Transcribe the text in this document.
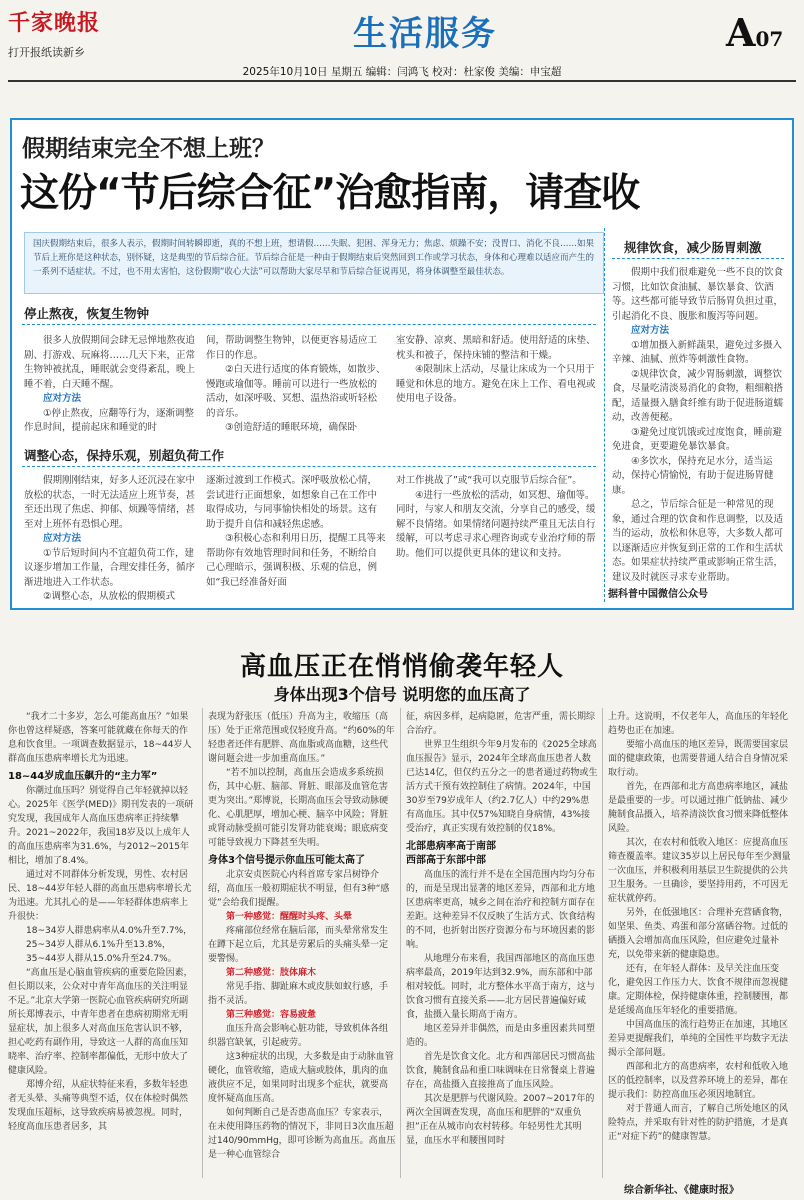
千家晚报
打开报纸读新乡	生活服务	A07
2025年10月10日 星期五 编辑：闫鸿飞 校对：杜家俊 美编：申宝超
假期结束完全不想上班？
这份“节后综合征”治愈指南，请查收
国庆假期结束后，很多人表示，假期时间转瞬即逝，真的不想上班，想请假……失眠、犯困、浑身无力；焦虑、烦躁不安；没胃口、消化不良……如果节后上班你是这种状态，别怀疑，这是典型的节后综合征。节后综合征是一种由于假期结束后突然回到工作或学习状态，身体和心理难以适应而产生的一系列不适症状。不过，也不用太害怕，这份假期“收心大法”可以帮助大家尽早和节后综合征说再见，将身体调整至最佳状态。
停止熬夜，恢复生物钟

很多人放假期间会肆无忌惮地熬夜追剧、打游戏、玩麻将……几天下来，正常生物钟被扰乱，睡眠就会变得紊乱，晚上睡不着，白天睡不醒。

应对方法

①停止熬夜，应翻等行为，逐渐调整作息时间，提前起床和睡觉的时

间，帮助调整生物钟，以便更容易适应工作日的作息。

②白天进行适度的体育锻炼，如散步、慢跑或瑜伽等。睡前可以进行一些放松的活动，如深呼吸、冥想、温热浴或听轻松的音乐。

③创造舒适的睡眠环境，确保卧

室安静、凉爽、黑暗和舒适。使用舒适的床垫、枕头和被子，保持床铺的整洁和干燥。

④限制床上活动，尽量让床成为一个只用于睡觉和休息的地方。避免在床上工作、看电视或使用电子设备。

调整心态，保持乐观，别超负荷工作

假期刚刚结束，好多人还沉浸在家中放松的状态，一时无法适应上班节奏，甚至还出现了焦虑、抑郁、烦躁等情绪，甚至对上班怀有恐惧心理。

应对方法

①节后短时间内不宜超负荷工作，建议逐步增加工作量，合理安排任务，循序渐进地进入工作状态。

②调整心态，从放松的假期模式

逐渐过渡到工作模式。深呼吸放松心情，尝试进行正面想象，如想象自己在工作中取得成功，与同事愉快相处的场景。这有助于提升自信和减轻焦虑感。

③积极心态和利用日历，提醒工具等来帮助你有效地管理时间和任务，不断给自己心理暗示，强调积极、乐观的信息，例如“我已经准备好面

对工作挑战了”或“我可以克服节后综合征”。

④进行一些放松的活动，如冥想、瑜伽等。同时，与家人和朋友交流，分享自己的感受，缓解不良情绪。如果情绪问题持续严重且无法自行缓解，可以考虑寻求心理咨询或专业治疗师的帮助。他们可以提供更具体的建议和支持。

规律饮食，减少肠胃刺激

假期中我们很难避免一些不良的饮食习惯，比如饮食油腻、暴饮暴食、饮酒等。这些都可能导致节后肠胃负担过重，引起消化不良、腹胀和腹泻等问题。

应对方法

①增加摄入新鲜蔬果，避免过多摄入辛辣、油腻、煎炸等刺激性食物。

②规律饮食，减少胃肠刺激，调整饮食，尽量吃清淡易消化的食物，粗细粮搭配，适量摄入膳食纤维有助于促进肠道蠕动，改善便秘。

③避免过度饥饿或过度饱食，睡前避免进食，更要避免暴饮暴食。

④多饮水，保持充足水分，适当运动，保持心情愉悦，有助于促进肠胃健康。

总之，节后综合征是一种常见的现象，通过合理的饮食和作息调整，以及适当的运动，放松和休息等，大多数人都可以逐渐适应并恢复到正常的工作和生活状态。如果症状持续严重或影响正常生活，建议及时就医寻求专业帮助。

据科普中国微信公众号
高血压正在悄悄偷袭年轻人
身体出现3个信号 说明您的血压高了

“我才二十多岁，怎么可能高血压？”如果你也曾这样疑惑，答案可能就藏在你每天的作息和饮食里。一项调查数据显示，18~44岁人群高血压患病率增长尤为迅速。

18~44岁成血压飙升的“主力军”

你潮过血压吗？别觉得自己年轻就掉以轻心。2025年《医学(MED)》期刊发表的一项研究发现，我国成年人高血压患病率正持续攀升。2021~2022年，我国18岁及以上成年人的高血压患病率为31.6%，与2012~2015年相比，增加了8.4%。

通过对不同群体分析发现，男性、农村居民、18~44岁年轻人群的高血压患病率增长尤为迅速。尤其扎心的是——年轻群体患病率上升很快：

18~34岁人群患病率从4.0%升至7.7%，

25~34岁人群从6.1%升至13.8%，

35~44岁人群从15.0%升至24.7%。

“高血压是心脑血管疾病的重要危险因素，但长期以来，公众对中青年高血压的关注明显不足。”北京大学第一医院心血管疾病研究所副所长郑博表示，中青年患者在患病初期常无明显症状，加上很多人对高血压危害认识不够，担心吃药有副作用，导致这一人群的高血压知晓率、治疗率、控制率都偏低，无形中放大了健康风险。

郑博介绍，从症状特征来看，多数年轻患者无头晕、头痛等典型不适，仅在体检时偶然发现血压超标，这导致疾病易被忽视。同时，轻度高血压患者居多，其

表现为舒张压（低压）升高为主，收缩压（高压）处于正常范围或仅轻度升高。“约60%的年轻患者还伴有肥胖、高血脂或高血糖，这些代谢问题会进一步加重高血压。”

“若不加以控制，高血压会造成多系统损伤，其中心脏、脑部、肾脏、眼部及血管危害更为突出。”郑博说，长期高血压会导致动脉硬化、心肌肥厚，增加心梗、脑卒中风险；肾脏或肾动脉受损可能引发肾功能衰竭；眼底病变可能导致视力下降甚至失明。

身体3个信号提示你血压可能太高了

北京安贞医院心内科首席专家吕树铮介绍，高血压一般初期症状不明显，但有3种“感觉”会给我们提醒。

第一种感觉：醒醒时头疼、头晕

疼痛部位经常在脑后部，而头晕常常发生在蹲下起立后，尤其是劳累后的头痛头晕一定要警惕。

第二种感觉：肢体麻木

常见手指、脚趾麻木或皮肤如蚁行感，手指不灵活。

第三种感觉：容易疲惫

血压升高会影响心脏功能，导致机体各组织器官缺氧，引起疲劳。

这3种症状的出现，大多数是由于动脉血管硬化，血管收缩，造成大脑或肢体，肌肉的血液供应不足，如果同时出现多个症状，就要高度怀疑高血压高。

如何判断自己是否患高血压？专家表示，在未使用降压药物的情况下，非同日3次血压超过140/90mmHg，即可诊断为高血压。高血压是一种心血管综合

征，病因多样，起病隐匿，危害严重，需长期综合治疗。

世界卫生组织今年9月发布的《2025全球高血压报告》显示，2024年全球高血压患者人数已达14亿，但仅约五分之一的患者通过药物或生活方式干预有效控制住了病情。2024年，中国30岁至79岁成年人（约2.7亿人）中约29%患有高血压。其中仅57%知晓自身病情，43%接受治疗，真正实现有效控制的仅18%。

北部患病率高于南部

西部高于东部中部

高血压的流行并不是在全国范围内均匀分布的，而是呈现出显著的地区差异，西部和北方地区患病率更高，城乡之间在治疗和控制方面存在差距。这种差异不仅反映了生活方式、饮食结构的不同，也折射出医疗资源分布与环境因素的影响。

从地理分布来看，我国西部地区的高血压患病率最高，2019年达到32.9%，而东部和中部相对较低。同时，北方整体水平高于南方，这与饮食习惯有直接关系——北方居民普遍偏好咸食，盐摄入量长期高于南方。

地区差异并非偶然，而是由多重因素共同塑造的。

首先是饮食文化。北方和西部居民习惯高盐饮食，腌制食品和重口味调味在日常餐桌上普遍存在，高盐摄入直接推高了血压风险。

其次是肥胖与代谢风险。2007~2017年的两次全国调查发现，高血压和肥胖的“双重负担”正在从城市向农村转移。年轻男性尤其明显，血压水平和腰围同时

上升。这说明，不仅老年人，高血压的年轻化趋势也正在加速。

要缩小高血压的地区差异，既需要国家层面的健康政策，也需要普通人结合自身情况采取行动。

首先，在西部和北方高患病率地区，减盐是最重要的一步。可以通过推广低钠盐、减少腌制食品摄入，培养清淡饮食习惯来降低整体风险。

其次，在农村和低收入地区：应提高血压筛查覆盖率。建议35岁以上居民每年至少测量一次血压，并积极利用基层卫生院提供的公共卫生服务。一旦确诊，要坚持用药，不可因无症状就停药。

另外，在低强地区：合理补充营硒食物，如坚果、鱼类、鸡蛋和部分富硒谷物。过低的硒摄入会增加高血压风险，但应避免过量补充，以免带来新的健康隐患。

还有，在年轻人群体：及早关注血压变化，避免因工作压力大、饮食不规律而忽视健康。定期体检，保持健康体重，控制腰围，都是延缓高血压年轻化的重要措施。

中国高血压的流行趋势正在加速，其地区差异更提醒我们，单纯的全国性平均数字无法揭示全部问题。

西部和北方的高患病率，农村和低收入地区的低控制率，以及营养环境上的差异，都在提示我们：防控高血压必须因地制宜。

对于普通人而言，了解自己所处地区的风险特点，并采取有针对性的防护措施，才是真正“对症下药”的健康智慧。

综合新华社、《健康时报》
